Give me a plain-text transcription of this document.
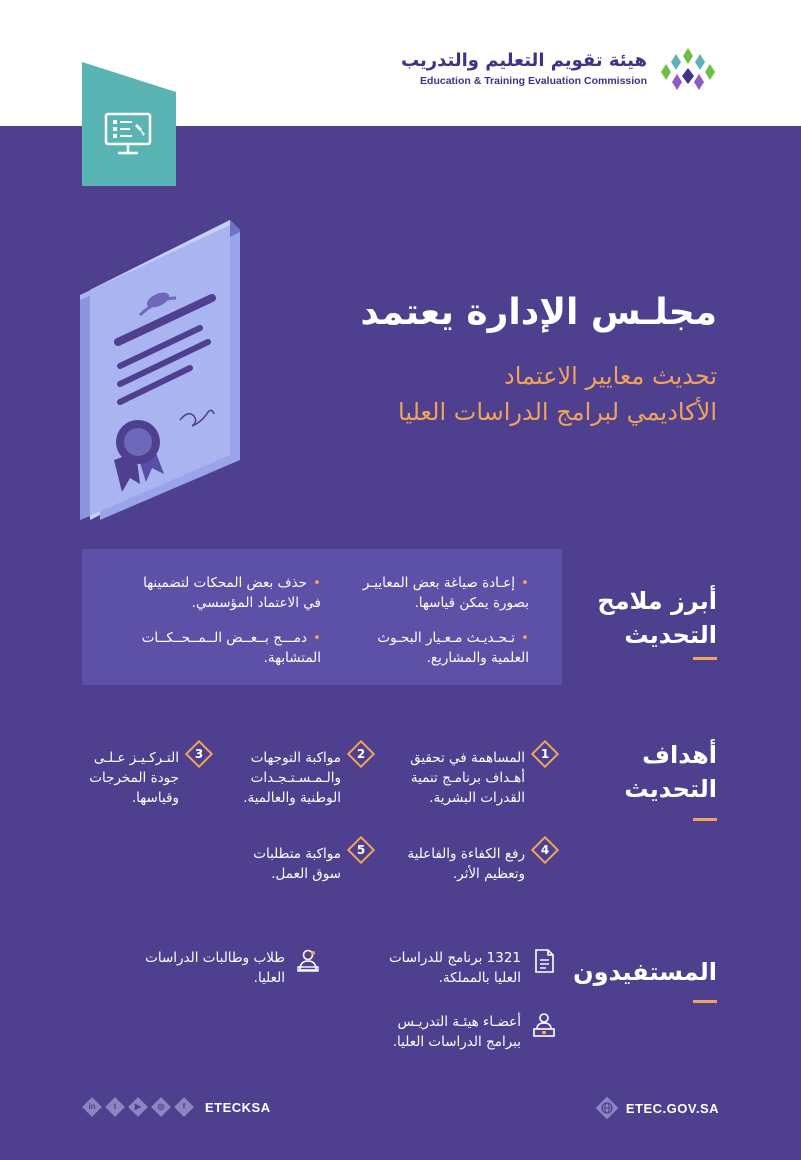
هيئة تقويم التعليم والتدريب
Education & Training Evaluation Commission
مجلـس الإدارة يعتمد
تحديث معايير الاعتماد
الأكاديمي لبرامج الدراسات العليا
أبرز ملامح
التحديث
•إعـادة صياغة بعض المعاييـر
بصورة يمكن قياسها.
•حذف بعض المحكات لتضمينها
في الاعتماد المؤسسي.
•تـحـديـث مـعـيار البحـوث
العلمية والمشاريع.
•دمـــج بــعــض الــمــحــكــات
المتشابهة.
أهداف
التحديث
1
المساهمة في تحقيق
أهـداف برنامـج تنمية
القدرات البشرية.
2
مواكبة التوجهات
والـمـسـتـجـدات
الوطنية والعالمية.
3
التـركـيـز عـلـى
جودة المخرجات
وقياسها.
4
رفع الكفاءة والفاعلية
وتعظيم الأثر.
5
مواكبة متطلبات
سوق العمل.
المستفيدون
1321 برنامج للدراسات
العليا بالمملكة.
طلاب وطالبات الدراسات
العليا.
أعضـاء هيئـة التدريـس
ببرامج الدراسات العليا.
in	t	▶	◎	f	ETECKSA	ETEC.GOV.SA
